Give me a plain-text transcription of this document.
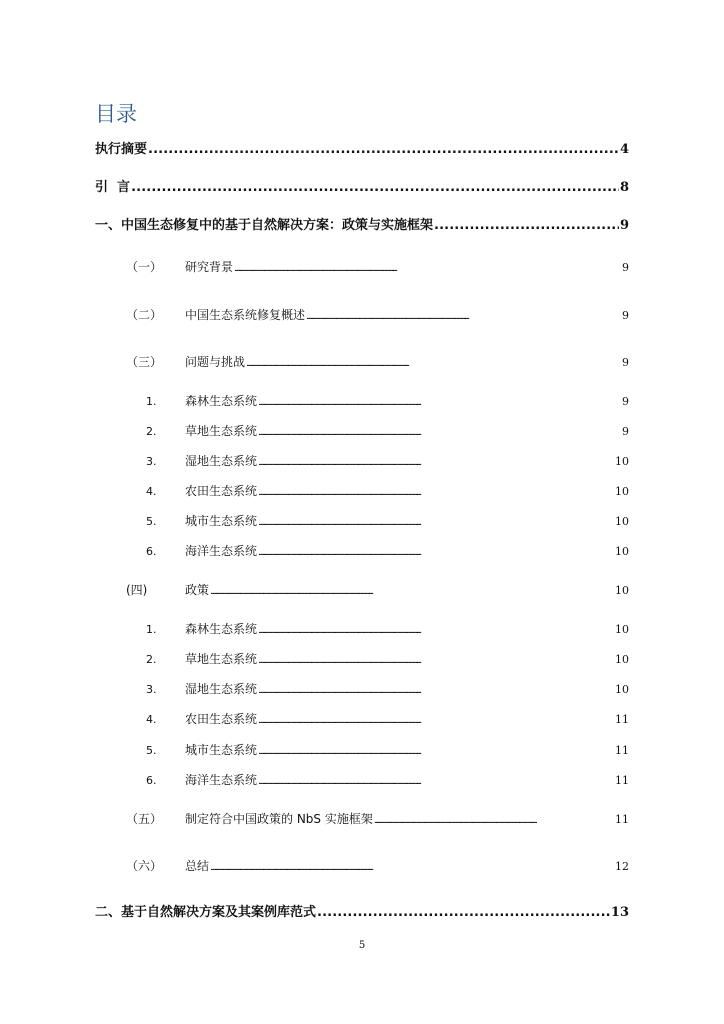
目录
执行摘要 . . .	4
引  言 . . .	8
一、中国生态修复中的基于自然解决方案：政策与实施框架 . . .	9
（一） 研究背景 . . .	9
（二） 中国生态系统修复概述 . . .	9
（三） 问题与挑战 . . .	9
1. 森林生态系统 . . .	9
2. 草地生态系统 . . .	9
3. 湿地生态系统 . . .	10
4. 农田生态系统 . . .	10
5. 城市生态系统 . . .	10
6. 海洋生态系统 . . .	10
(四)	政策 . . .	10
1. 森林生态系统 . . .	10
2. 草地生态系统 . . .	10
3. 湿地生态系统 . . .	10
4. 农田生态系统 . . .	11
5. 城市生态系统 . . .	11
6. 海洋生态系统 . . .	11
（五） 制定符合中国政策的 NbS 实施框架 . . .	11
（六） 总结 . . .	12
二、基于自然解决方案及其案例库范式 . . .	13
5
